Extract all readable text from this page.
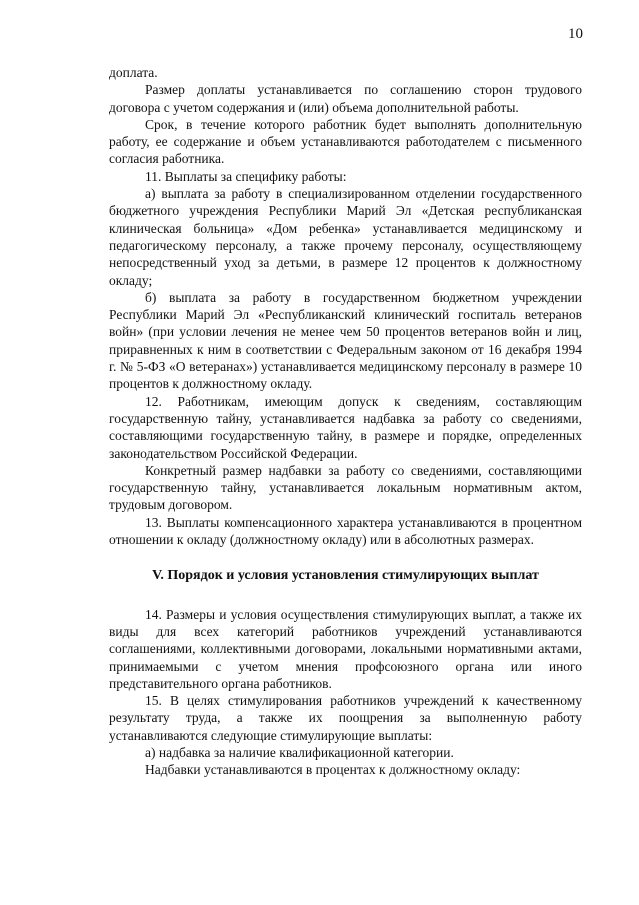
10

доплата.

Размер доплаты устанавливается по соглашению сторон трудового договора с учетом содержания и (или) объема дополнительной работы.

Срок, в течение которого работник будет выполнять дополнительную работу, ее содержание и объем устанавливаются работодателем с письменного согласия работника.

11. Выплаты за специфику работы:

а) выплата за работу в специализированном отделении государственного бюджетного учреждения Республики Марий Эл «Детская республиканская клиническая больница» «Дом ребенка» устанавливается медицинскому и педагогическому персоналу, а также прочему персоналу, осуществляющему непосредственный уход за детьми, в размере 12 процентов к должностному окладу;

б) выплата за работу в государственном бюджетном учреждении Республики Марий Эл «Республиканский клинический госпиталь ветеранов войн» (при условии лечения не менее чем 50 процентов ветеранов войн и лиц, приравненных к ним в соответствии с Федеральным законом от 16 декабря 1994 г. № 5-ФЗ «О ветеранах») устанавливается медицинскому персоналу в размере 10 процентов к должностному окладу.

12. Работникам, имеющим допуск к сведениям, составляющим государственную тайну, устанавливается надбавка за работу со сведениями, составляющими государственную тайну, в размере и порядке, определенных законодательством Российской Федерации.

Конкретный размер надбавки за работу со сведениями, составляющими государственную тайну, устанавливается локальным нормативным актом, трудовым договором.

13. Выплаты компенсационного характера устанавливаются в процентном отношении к окладу (должностному окладу) или в абсолютных размерах.

V. Порядок и условия установления стимулирующих выплат

14. Размеры и условия осуществления стимулирующих выплат, а также их виды для всех категорий работников учреждений устанавливаются соглашениями, коллективными договорами, локальными нормативными актами, принимаемыми с учетом мнения профсоюзного органа или иного представительного органа работников.

15. В целях стимулирования работников учреждений к качественному результату труда, а также их поощрения за выполненную работу устанавливаются следующие стимулирующие выплаты:

а) надбавка за наличие квалификационной категории.

Надбавки устанавливаются в процентах к должностному окладу:
